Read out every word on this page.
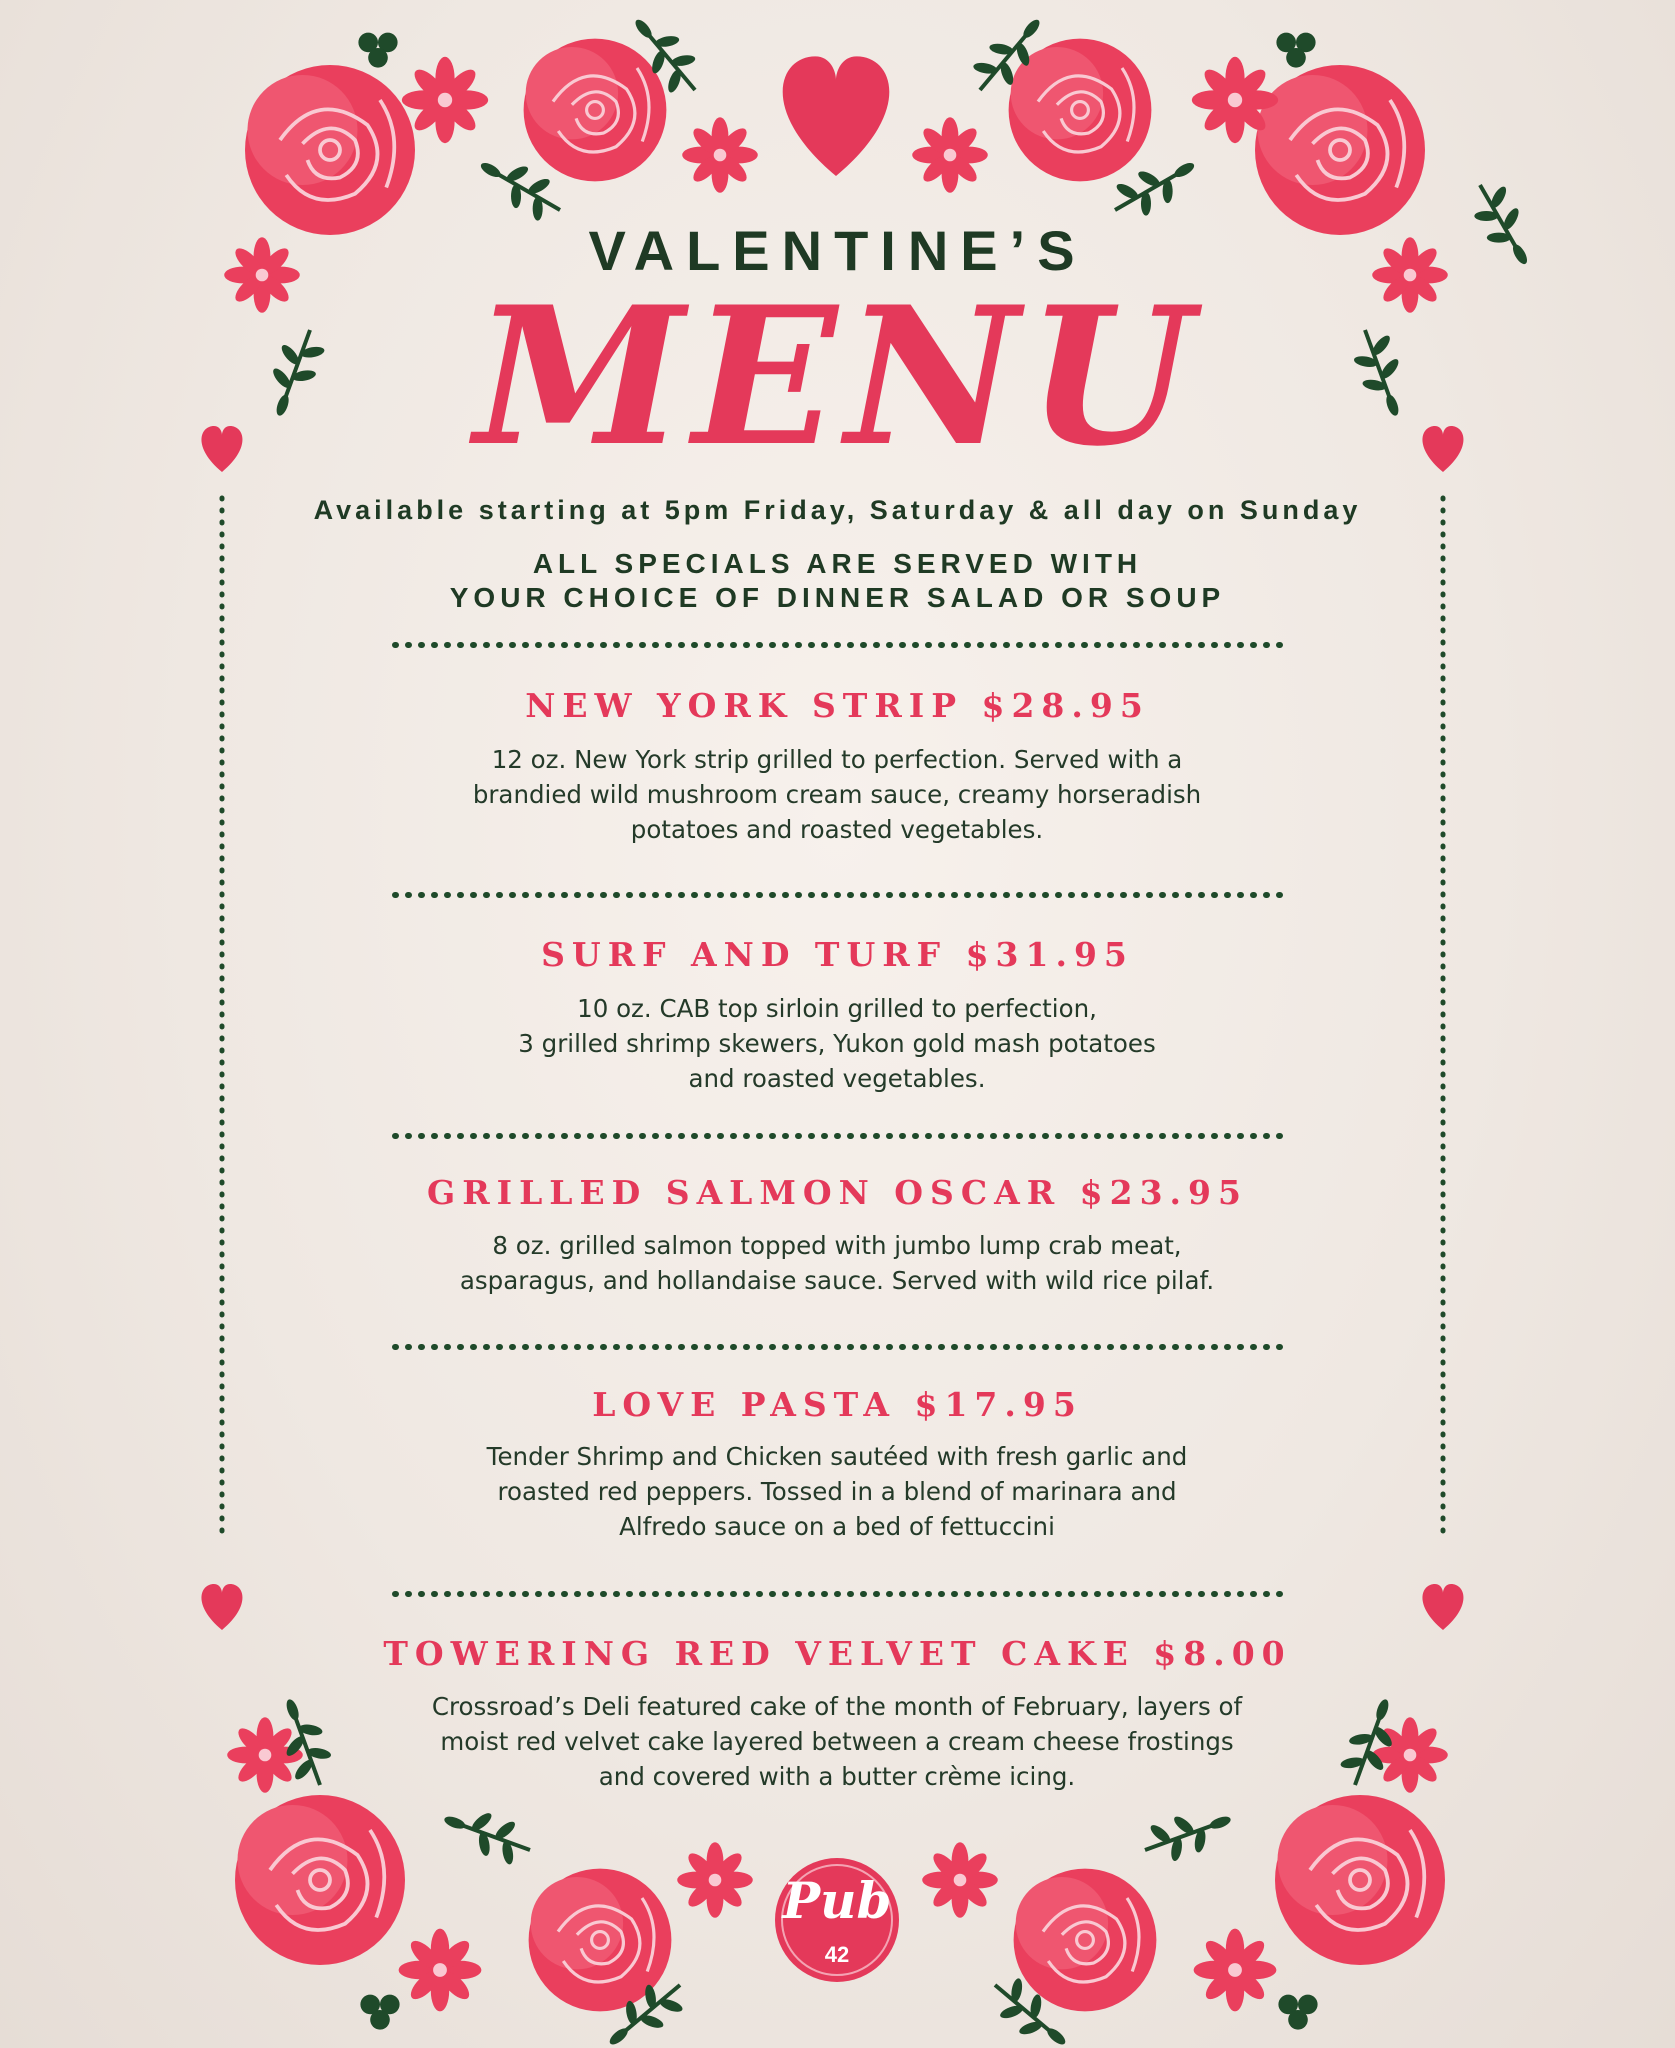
Pub
42
VALENTINE’S
MENU
Available starting at 5pm Friday, Saturday & all day on Sunday
ALL SPECIALS ARE SERVED WITH
YOUR CHOICE OF DINNER SALAD OR SOUP
NEW YORK STRIP $28.95
12 oz. New York strip grilled to perfection. Served with a
brandied wild mushroom cream sauce, creamy horseradish
potatoes and roasted vegetables.
SURF AND TURF $31.95
10 oz. CAB top sirloin grilled to perfection,
3 grilled shrimp skewers, Yukon gold mash potatoes
and roasted vegetables.
GRILLED SALMON OSCAR $23.95
8 oz. grilled salmon topped with jumbo lump crab meat,
asparagus, and hollandaise sauce. Served with wild rice pilaf.
LOVE PASTA $17.95
Tender Shrimp and Chicken sautéed with fresh garlic and
roasted red peppers. Tossed in a blend of marinara and
Alfredo sauce on a bed of fettuccini
TOWERING RED VELVET CAKE $8.00
Crossroad’s Deli featured cake of the month of February, layers of
moist red velvet cake layered between a cream cheese frostings
and covered with a butter crème icing.
